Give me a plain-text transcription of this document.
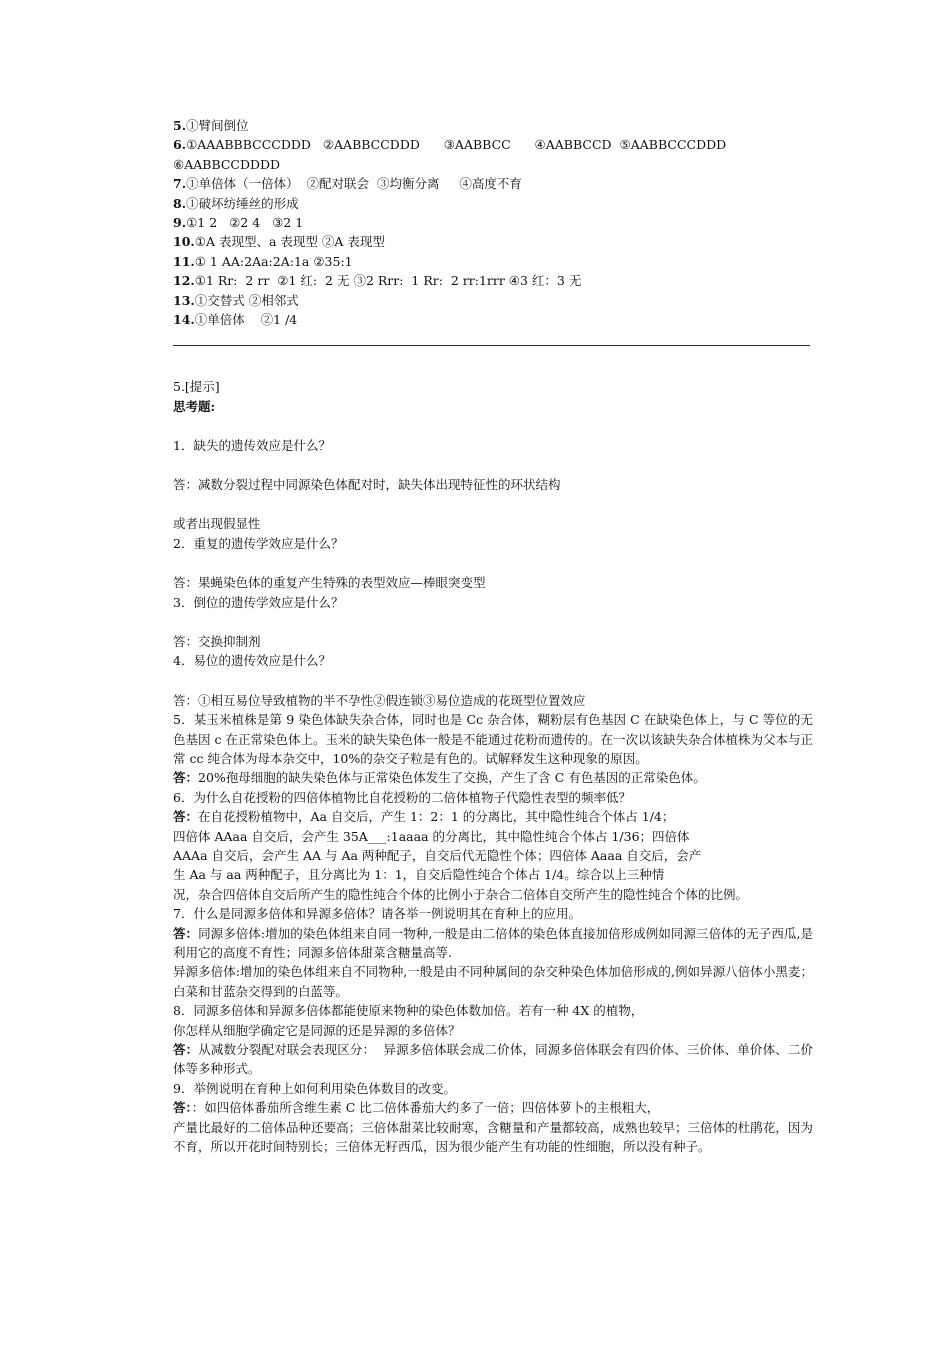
5.①臂间倒位
6.①AAABBBCCCDDD   ②AABBCCDDD      ③AABBCC      ④AABBCCD  ⑤AABBCCCDDD
⑥AABBCCDDDD
7.①单倍体（一倍体）  ②配对联会  ③均衡分离     ④高度不育
8.①破坏纺缍丝的形成
9.①1 2   ②2 4   ③2 1
10.①A 表现型、a 表现型 ②A 表现型
11.① 1 AA:2Aa:2A:1a ②35:1
12.①1 Rr:  2 rr  ②1 红:  2 无 ③2 Rrr:  1 Rr:  2 rr:1rrr ④3 红：3 无
13.①交替式 ②相邻式
14.①单倍体    ②1 /4
5.[提示]
思考题:
1．缺失的遗传效应是什么？
答：减数分裂过程中同源染色体配对时，缺失体出现特征性的环状结构
或者出现假显性
2．重复的遗传学效应是什么？
答：果蝇染色体的重复产生特殊的表型效应—棒眼突变型
3．倒位的遗传学效应是什么？
答：交换抑制剂
4．易位的遗传效应是什么？
答：①相互易位导致植物的半不孕性②假连锁③易位造成的花斑型位置效应
5．某玉米植株是第 9 染色体缺失杂合体，同时也是 Cc 杂合体，糊粉层有色基因 C 在缺染色体上，与 C 等位的无色基因 c 在正常染色体上。玉米的缺失染色体一般是不能通过花粉而遗传的。在一次以该缺失杂合体植株为父本与正常 cc 纯合体为母本杂交中，10%的杂交子粒是有色的。试解释发生这种现象的原因。
答：20%孢母细胞的缺失染色体与正常染色体发生了交换，产生了含 C 有色基因的正常染色体。
6．为什么自花授粉的四倍体植物比自花授粉的二倍体植物子代隐性表型的频率低？
答：在自花授粉植物中，Aa 自交后，产生 1：2：1 的分离比，其中隐性纯合个体占 1/4；
四倍体 AAaa 自交后，会产生 35A___:1aaaa 的分离比，其中隐性纯合个体占 1/36；四倍体
AAAa 自交后，会产生 AA 与 Aa 两种配子，自交后代无隐性个体；四倍体 Aaaa 自交后，会产
生 Aa 与 aa 两种配子，且分离比为 1：1，自交后隐性纯合个体占 1/4。综合以上三种情
况，杂合四倍体自交后所产生的隐性纯合个体的比例小于杂合二倍体自交所产生的隐性纯合个体的比例。
7．什么是同源多倍体和异源多倍体？请各举一例说明其在育种上的应用。
答：同源多倍体:增加的染色体组来自同一物种,一般是由二倍体的染色体直接加倍形成例如同源三倍体的无子西瓜,是利用它的高度不育性；同源多倍体甜菜含糖量高等.
异源多倍体:增加的染色体组来自不同物种,一般是由不同种属间的杂交种染色体加倍形成的,例如异源八倍体小黑麦；白菜和甘蓝杂交得到的白蓝等。
8．同源多倍体和异源多倍体都能使原来物种的染色体数加倍。若有一种 4X 的植物，
你怎样从细胞学确定它是同源的还是异源的多倍体？
答：从减数分裂配对联会表现区分：  异源多倍体联会成二价体，同源多倍体联会有四价体、三价体、单价体、二价体等多种形式。
9．举例说明在育种上如何利用染色体数目的改变。
答：：如四倍体番茄所含维生素 C 比二倍体番茄大约多了一倍；四倍体萝卜的主根粗大，
产量比最好的二倍体品种还要高；三倍体甜菜比较耐寒，含糖量和产量都较高，成熟也较早；三倍体的杜鹃花，因为不育，所以开花时间特别长；三倍体无籽西瓜，因为很少能产生有功能的性细胞，所以没有种子。
